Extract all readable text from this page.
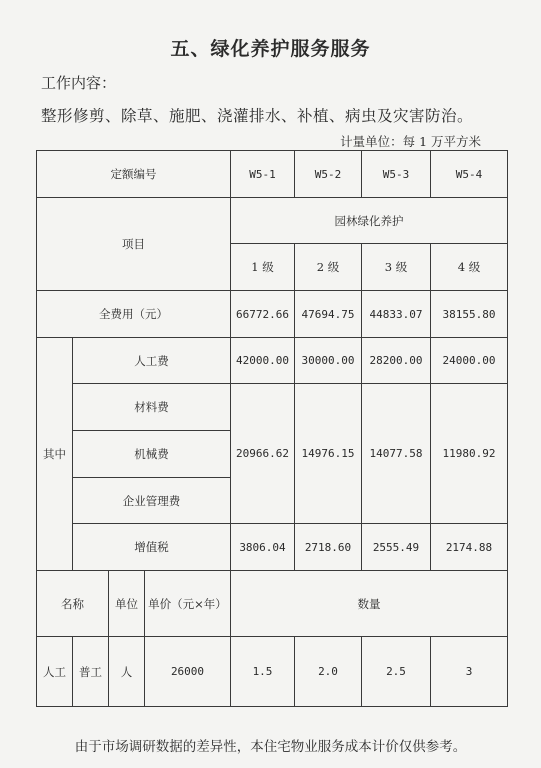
五、绿化养护服务服务
工作内容：
整形修剪、除草、施肥、浇灌排水、补植、病虫及灾害防治。
计量单位：每 1 万平方米
定额编号				W5-1	W5-2	W5-3	W5-4
项目				园林绿化养护			
				1 级	2 级	3 级	4 级
全费用（元）				66772.66	47694.75	44833.07	38155.80
其中	人工费			42000.00	30000.00	28200.00	24000.00
	材料费			20966.62	14976.15	14077.58	11980.92
	机械费						
	企业管理费						
	增值税			3806.04	2718.60	2555.49	2174.88
名称		单位	单价（元×年）	数量			
人工	普工	人	26000	1.5	2.0	2.5	3
由于市场调研数据的差异性，本住宅物业服务成本计价仅供参考。
